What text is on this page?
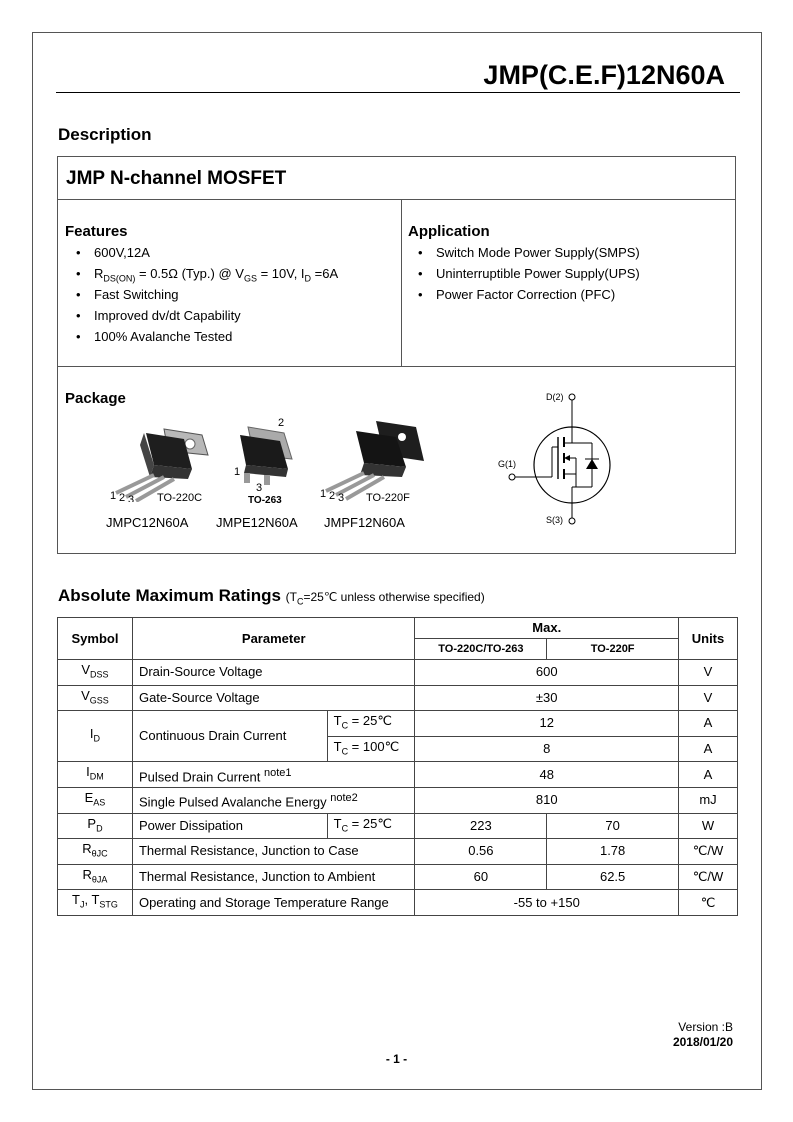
JMP(C.E.F)12N60A
Description
JMP N-channel MOSFET
Features
• 600V,12A
• $R_{DS(ON)} = 0.5\Omega$ (Typ.) @ $V_{GS} = 10V$, $I_D =6A$
• Fast Switching
• Improved dv/dt Capability
• 100% Avalanche Tested
Application
• Switch Mode Power Supply(SMPS)
• Uninterruptible Power Supply(UPS)
• Power Factor Correction (PFC)
Package
1 2 3 TO-220C
2
1
3
TO-263
1 2 3 TO-220F
JMPC12N60A JMPE12N60A JMPF12N60A
D(2)
G(1)
S(3)
Absolute Maximum Ratings ($T_C=25℃$ unless otherwise specified)
Symbol	Parameter		Max.		Units
			TO-220C/TO-263	TO-220F	
$V_{DSS}$	Drain-Source Voltage		600		V
$V_{GSS}$	Gate-Source Voltage		±30		V
$I_D$	Continuous Drain Current	$T_C$ = 25℃	12		A
		$T_C$ = 100℃	8		A
$I_{DM}$	Pulsed Drain Current $^{note1}$		48		A
$E_{AS}$	Single Pulsed Avalanche Energy $^{note2}$		810		mJ
$P_D$	Power Dissipation	$T_C$ = 25℃	223	70	W
$R_{\theta JC}$	Thermal Resistance, Junction to Case		0.56	1.78	℃/W
$R_{\theta JA}$	Thermal Resistance, Junction to Ambient		60	62.5	℃/W
$T_J$, $T_{STG}$	Operating and Storage Temperature Range		-55 to +150		℃
Version :B
2018/01/20
- 1 -
